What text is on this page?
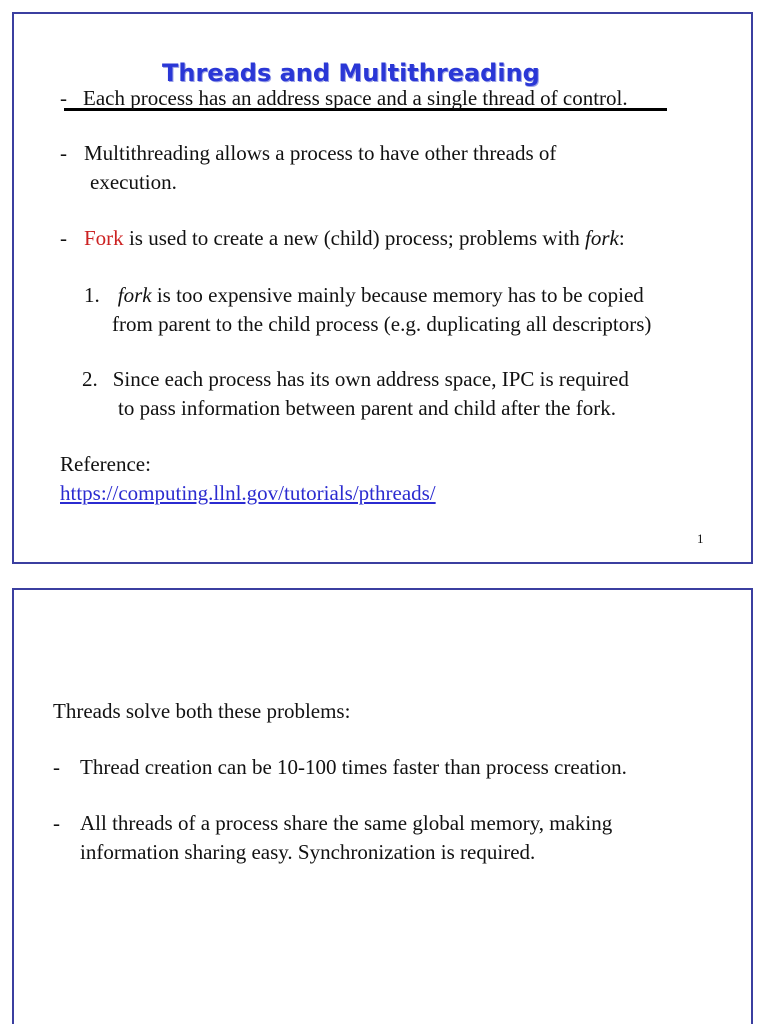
Threads and Multithreading
- Each process has an address space and a single thread of control.
- Multithreading allows a process to have other threads of
execution.
- Fork is used to create a new (child) process; problems with fork:
1. fork is too expensive mainly because memory has to be copied
from parent to the child process (e.g. duplicating all descriptors)
2. Since each process has its own address space, IPC is required
to pass information between parent and child after the fork.
Reference:
https://computing.llnl.gov/tutorials/pthreads/
1
Threads solve both these problems:
- Thread creation can be 10-100 times faster than process creation.
- All threads of a process share the same global memory, making
information sharing easy. Synchronization is required.
